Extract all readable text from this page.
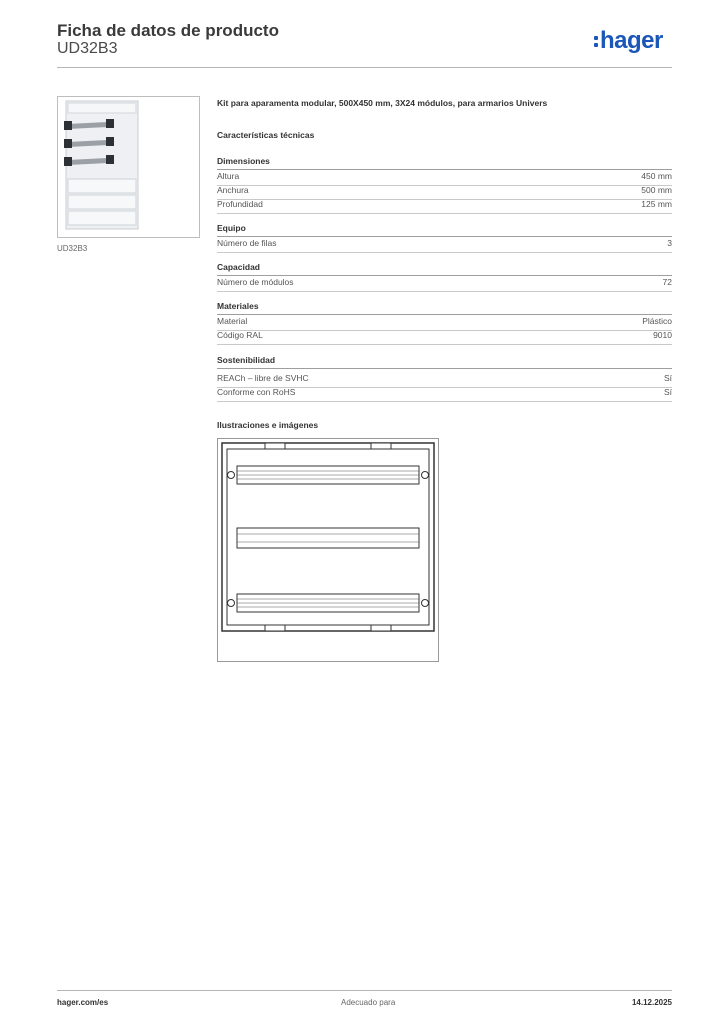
Ficha de datos de producto
UD32B3	hager
UD32B3
Kit para aparamenta modular, 500X450 mm, 3X24 módulos, para armarios Univers
Características técnicas
Dimensiones
Altura	450 mm
Anchura	500 mm
Profundidad	125 mm
Equipo
Número de filas	3
Capacidad
Número de módulos	72
Materiales
Material	Plástico
Código RAL	9010
Sostenibilidad
REACh – libre de SVHC	Sí
Conforme con RoHS	Sí
Ilustraciones e imágenes
hager.com/es	Adecuado para	14.12.2025
